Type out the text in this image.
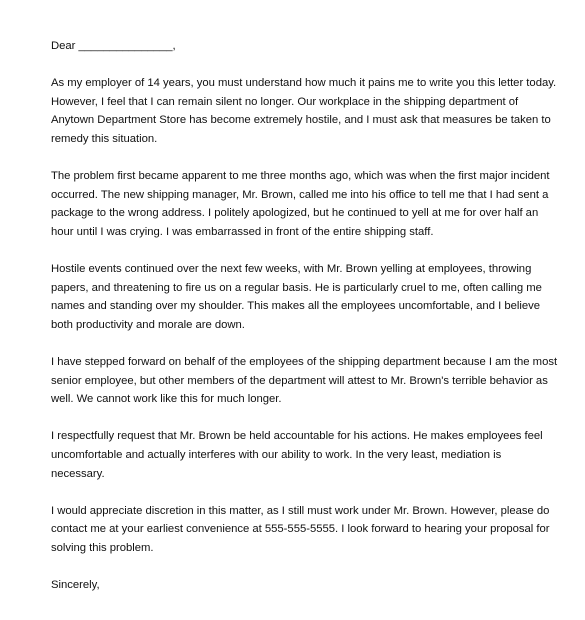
Dear _______________,
As my employer of 14 years, you must understand how much it pains me to write you this letter today.
However, I feel that I can remain silent no longer. Our workplace in the shipping department of
Anytown Department Store has become extremely hostile, and I must ask that measures be taken to
remedy this situation.
The problem first became apparent to me three months ago, which was when the first major incident
occurred. The new shipping manager, Mr. Brown, called me into his office to tell me that I had sent a
package to the wrong address. I politely apologized, but he continued to yell at me for over half an
hour until I was crying. I was embarrassed in front of the entire shipping staff.
Hostile events continued over the next few weeks, with Mr. Brown yelling at employees, throwing
papers, and threatening to fire us on a regular basis. He is particularly cruel to me, often calling me
names and standing over my shoulder. This makes all the employees uncomfortable, and I believe
both productivity and morale are down.
I have stepped forward on behalf of the employees of the shipping department because I am the most
senior employee, but other members of the department will attest to Mr. Brown's terrible behavior as
well. We cannot work like this for much longer.
I respectfully request that Mr. Brown be held accountable for his actions. He makes employees feel
uncomfortable and actually interferes with our ability to work. In the very least, mediation is
necessary.
I would appreciate discretion in this matter, as I still must work under Mr. Brown. However, please do
contact me at your earliest convenience at 555-555-5555. I look forward to hearing your proposal for
solving this problem.
Sincerely,
